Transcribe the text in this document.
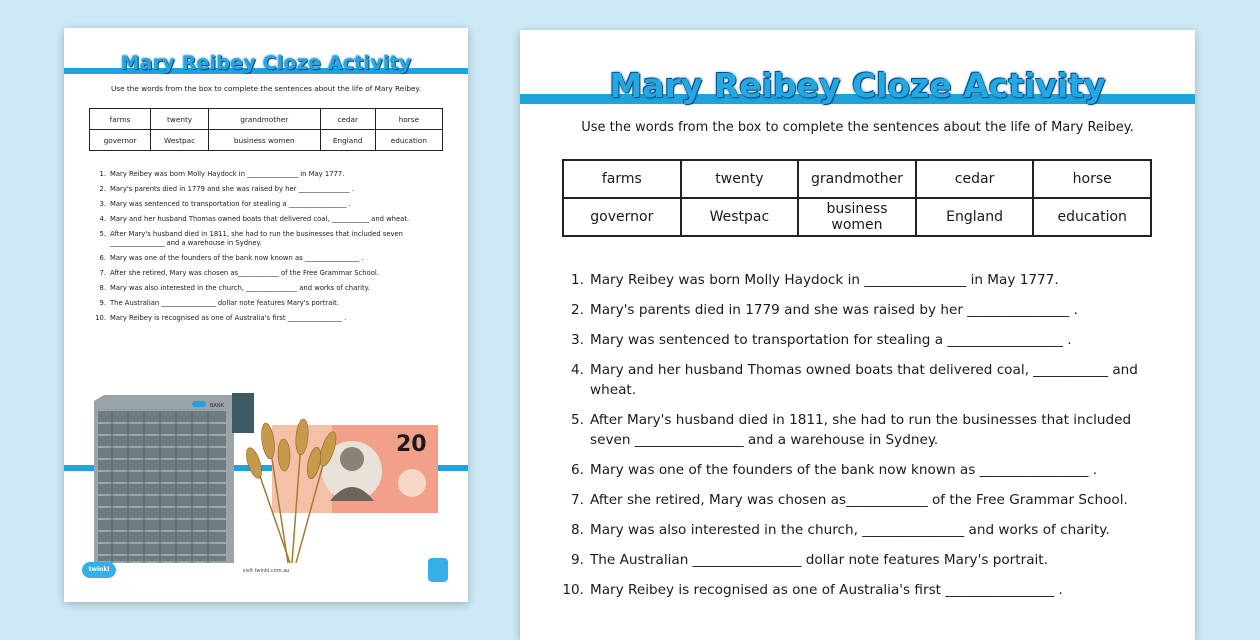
Mary Reibey Cloze Activity
Use the words from the box to complete the sentences about the life of Mary Reibey.
farms	twenty	grandmother	cedar	horse
governor	Westpac	business women	England	education
1. Mary Reibey was born Molly Haydock in _______________ in May 1777.
2. Mary's parents died in 1779 and she was raised by her _______________ .
3. Mary was sentenced to transportation for stealing a _________________ .
4. Mary and her husband Thomas owned boats that delivered coal, ___________ and wheat.
5. After Mary's husband died in 1811, she had to run the businesses that included seven ________________ and a warehouse in Sydney.
6. Mary was one of the founders of the bank now known as ________________ .
7. After she retired, Mary was chosen as____________ of the Free Grammar School.
8. Mary was also interested in the church, _______________ and works of charity.
9. The Australian ________________ dollar note features Mary's portrait.
10. Mary Reibey is recognised as one of Australia's first ________________ .
BANK
20
twinkl	visit twinkl.com.au
Mary Reibey Cloze Activity
Use the words from the box to complete the sentences about the life of Mary Reibey.
farms	twenty	grandmother	cedar	horse
governor	Westpac	business women	England	education
1. Mary Reibey was born Molly Haydock in _______________ in May 1777.
2. Mary's parents died in 1779 and she was raised by her _______________ .
3. Mary was sentenced to transportation for stealing a _________________ .
4. Mary and her husband Thomas owned boats that delivered coal, ___________ and wheat.
5. After Mary's husband died in 1811, she had to run the businesses that included seven ________________ and a warehouse in Sydney.
6. Mary was one of the founders of the bank now known as ________________ .
7. After she retired, Mary was chosen as____________ of the Free Grammar School.
8. Mary was also interested in the church, _______________ and works of charity.
9. The Australian ________________ dollar note features Mary's portrait.
10. Mary Reibey is recognised as one of Australia's first ________________ .
